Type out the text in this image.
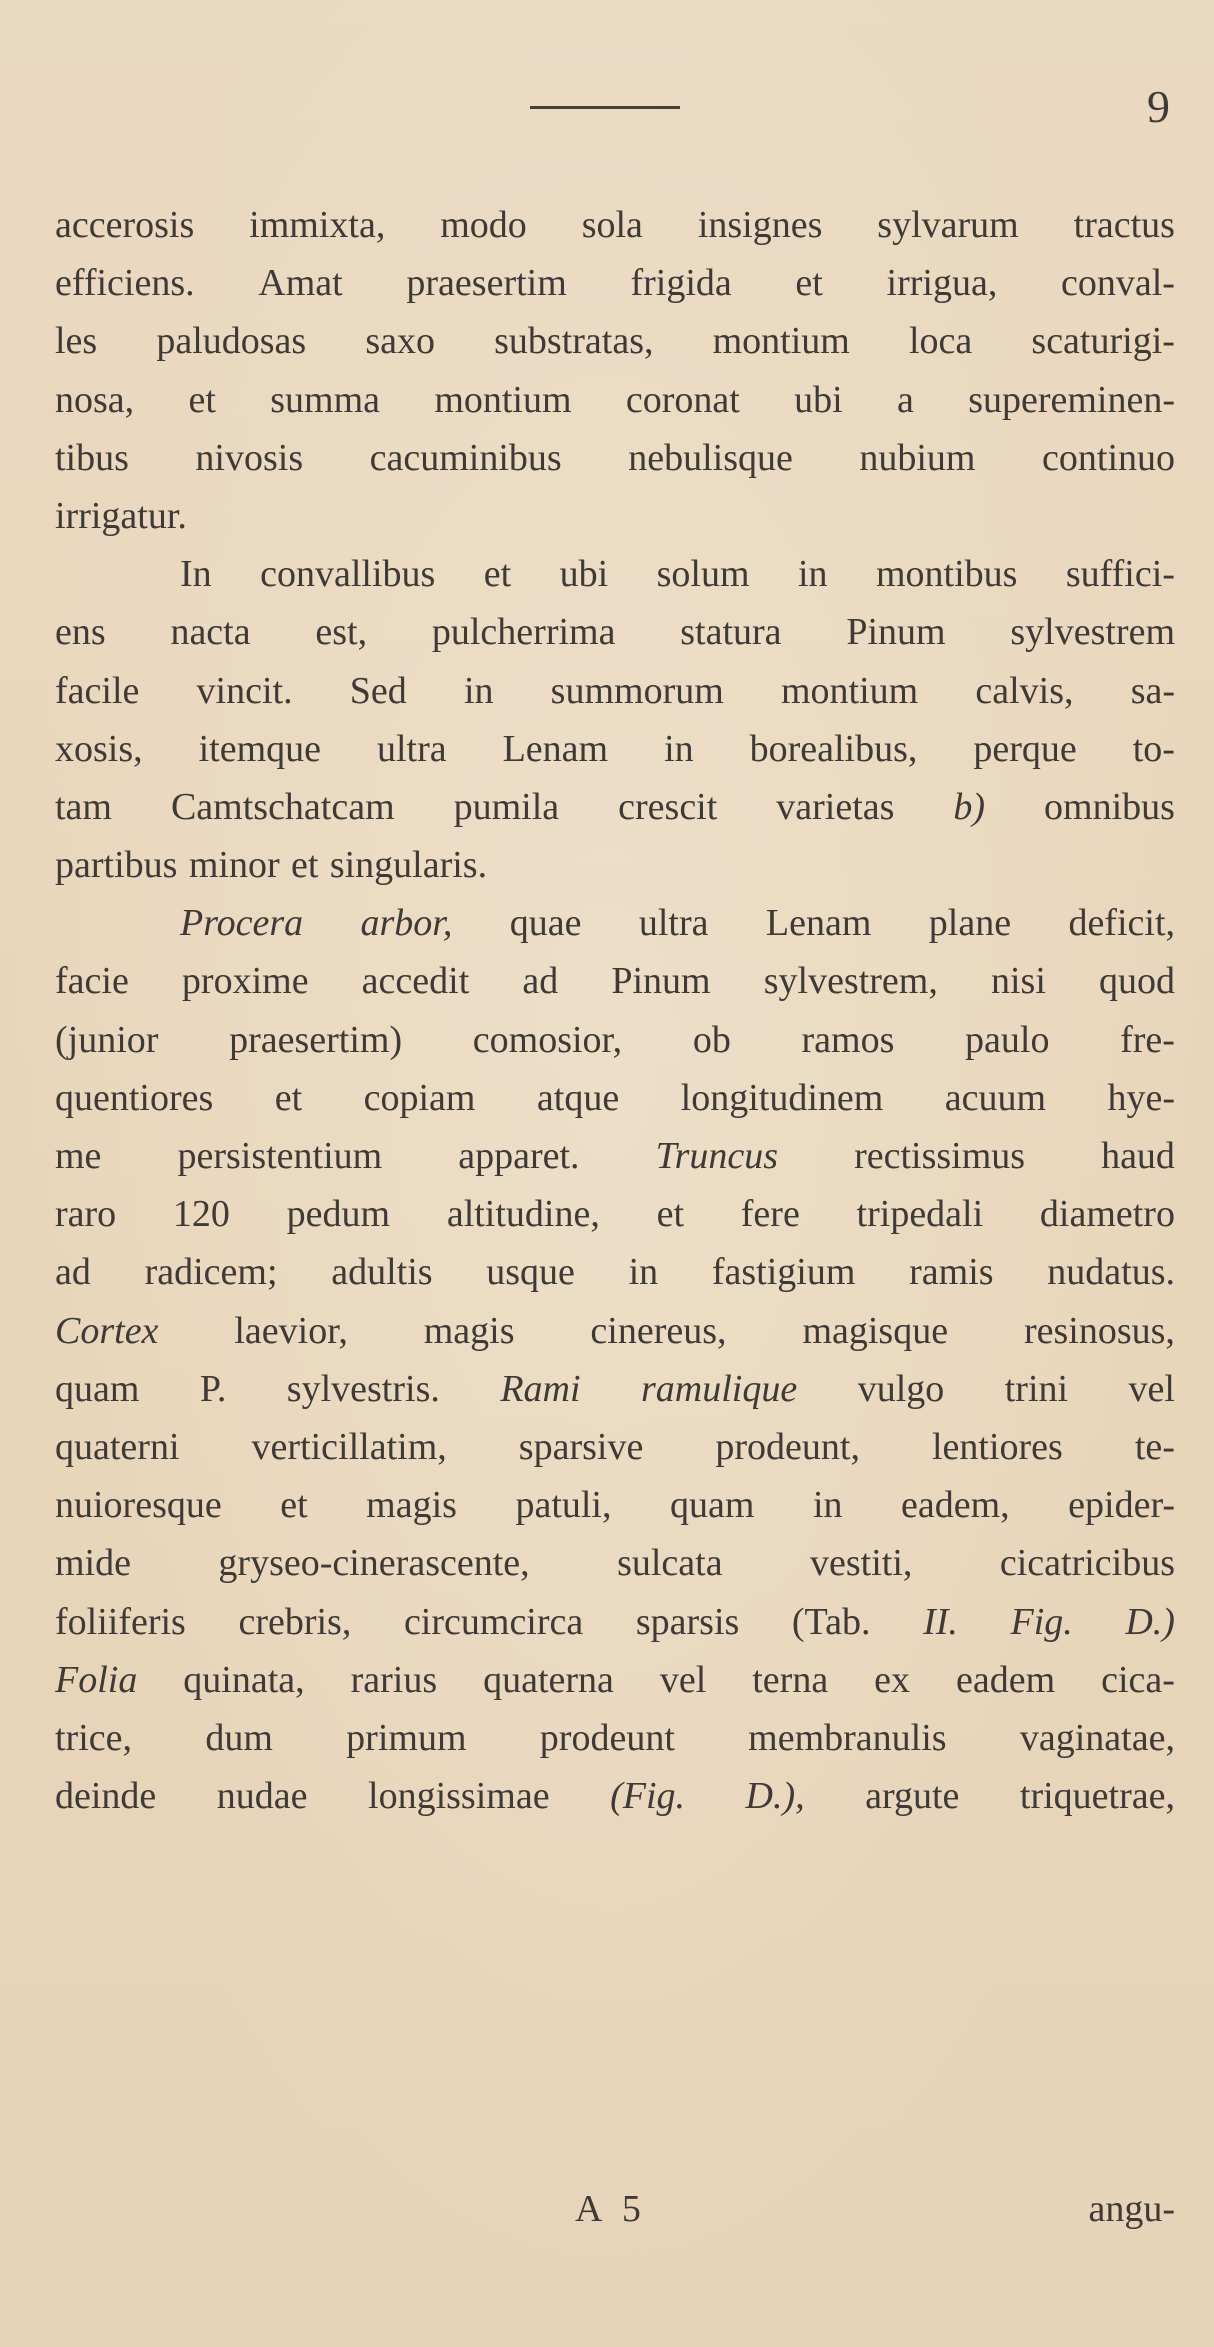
9
accerosis immixta, modo sola insignes sylvarum tractus
efficiens. Amat praesertim frigida et irrigua, conval-
les paludosas saxo substratas, montium loca scaturigi-
nosa, et summa montium coronat ubi a supereminen-
tibus nivosis cacuminibus nebulisque nubium continuo
irrigatur.
In convallibus et ubi solum in montibus suffici-
ens nacta est, pulcherrima statura Pinum sylvestrem
facile vincit. Sed in summorum montium calvis, sa-
xosis, itemque ultra Lenam in borealibus, perque to-
tam Camtschatcam pumila crescit varietas b) omnibus
partibus minor et singularis.
Procera arbor, quae ultra Lenam plane deficit,
facie proxime accedit ad Pinum sylvestrem, nisi quod
(junior praesertim) comosior, ob ramos paulo fre-
quentiores et copiam atque longitudinem acuum hye-
me persistentium apparet. Truncus rectissimus haud
raro 120 pedum altitudine, et fere tripedali diametro
ad radicem; adultis usque in fastigium ramis nudatus.
Cortex laevior, magis cinereus, magisque resinosus,
quam P. sylvestris. Rami ramulique vulgo trini vel
quaterni verticillatim, sparsive prodeunt, lentiores te-
nuioresque et magis patuli, quam in eadem, epider-
mide gryseo-cinerascente, sulcata vestiti, cicatricibus
foliiferis crebris, circumcirca sparsis (Tab. II. Fig. D.)
Folia quinata, rarius quaterna vel terna ex eadem cica-
trice, dum primum prodeunt membranulis vaginatae,
deinde nudae longissimae (Fig. D.), argute triquetrae,
A 5	angu-
